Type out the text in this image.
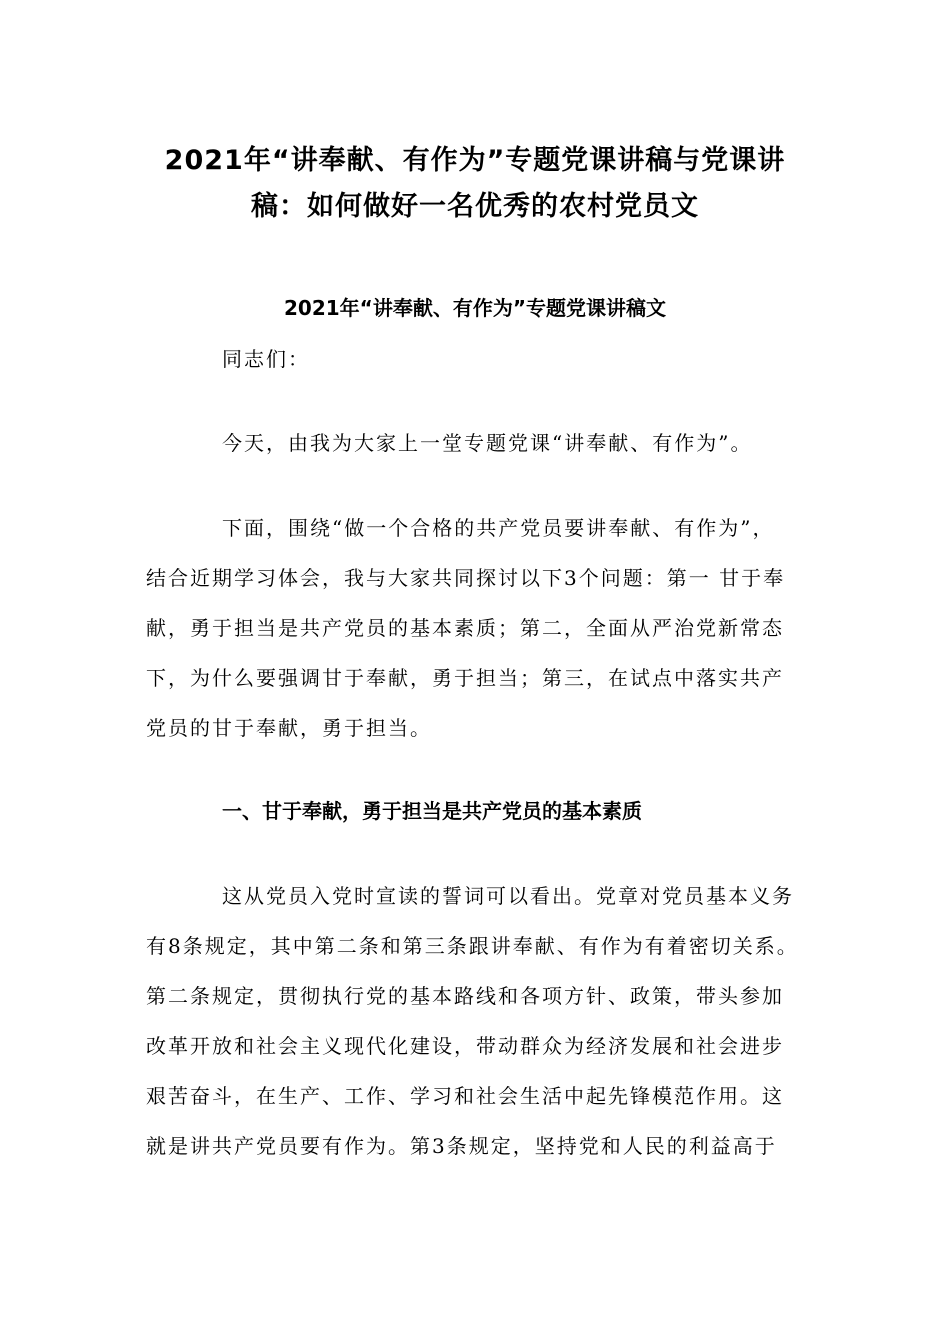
2021年“讲奉献、有作为”专题党课讲稿与党课讲
稿：如何做好一名优秀的农村党员文
2021年“讲奉献、有作为”专题党课讲稿文
同志们：
今天，由我为大家上一堂专题党课“讲奉献、有作为”。
下面，围绕“做一个合格的共产党员要讲奉献、有作为”，
结合近期学习体会，我与大家共同探讨以下3个问题：第一 甘于奉
献，勇于担当是共产党员的基本素质；第二，全面从严治党新常态
下，为什么要强调甘于奉献，勇于担当；第三，在试点中落实共产
党员的甘于奉献，勇于担当。
一、甘于奉献，勇于担当是共产党员的基本素质
这从党员入党时宣读的誓词可以看出。党章对党员基本义务
有8条规定，其中第二条和第三条跟讲奉献、有作为有着密切关系。
第二条规定，贯彻执行党的基本路线和各项方针、政策，带头参加
改革开放和社会主义现代化建设，带动群众为经济发展和社会进步
艰苦奋斗，在生产、工作、学习和社会生活中起先锋模范作用。这
就是讲共产党员要有作为。第3条规定，坚持党和人民的利益高于
